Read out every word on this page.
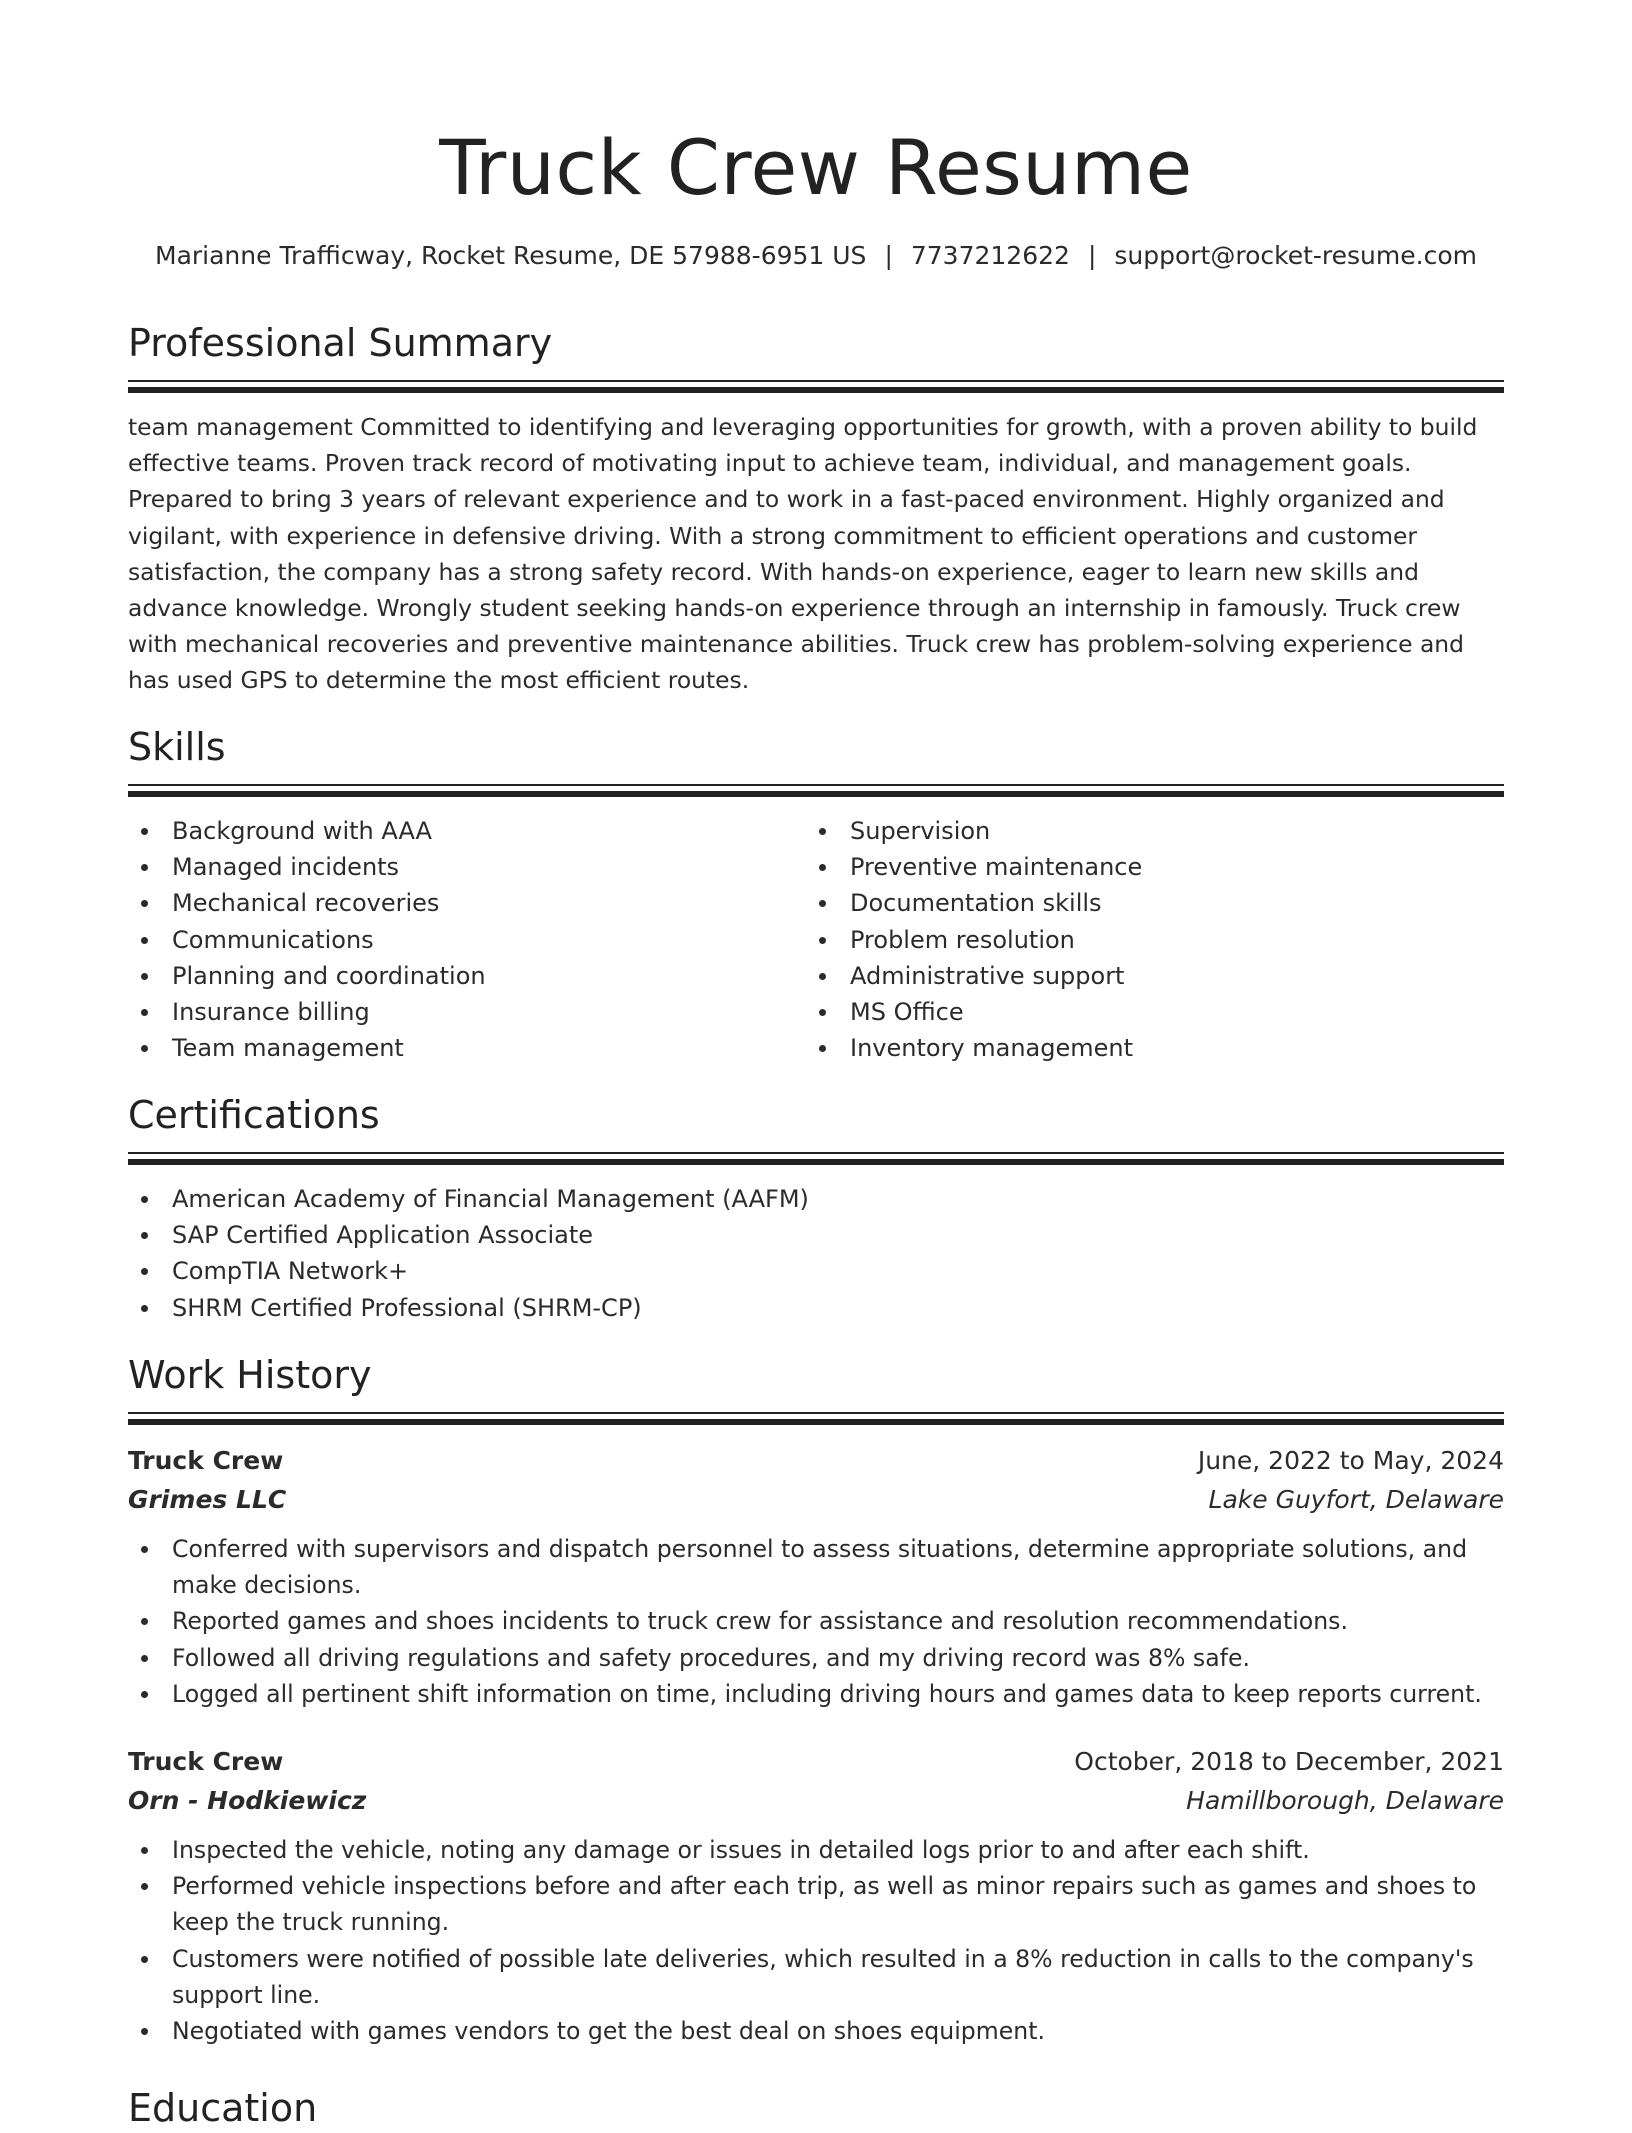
Truck Crew Resume
Marianne Trafficway, Rocket Resume, DE 57988-6951 US | 7737212622 | support@rocket-resume.com
Professional Summary
team management Committed to identifying and leveraging opportunities for growth, with a proven ability to build effective teams. Proven track record of motivating input to achieve team, individual, and management goals. Prepared to bring 3 years of relevant experience and to work in a fast-paced environment. Highly organized and vigilant, with experience in defensive driving. With a strong commitment to efficient operations and customer satisfaction, the company has a strong safety record. With hands-on experience, eager to learn new skills and advance knowledge. Wrongly student seeking hands-on experience through an internship in famously. Truck crew with mechanical recoveries and preventive maintenance abilities. Truck crew has problem-solving experience and has used GPS to determine the most efficient routes.
Skills
Background with AAA
Managed incidents
Mechanical recoveries
Communications
Planning and coordination
Insurance billing
Team management
Supervision
Preventive maintenance
Documentation skills
Problem resolution
Administrative support
MS Office
Inventory management
Certifications
American Academy of Financial Management (AAFM)
SAP Certified Application Associate
CompTIA Network+
SHRM Certified Professional (SHRM-CP)
Work History
Truck Crew	June, 2022 to May, 2024
Grimes LLC	Lake Guyfort, Delaware
Conferred with supervisors and dispatch personnel to assess situations, determine appropriate solutions, and make decisions.
Reported games and shoes incidents to truck crew for assistance and resolution recommendations.
Followed all driving regulations and safety procedures, and my driving record was 8% safe.
Logged all pertinent shift information on time, including driving hours and games data to keep reports current.
Truck Crew	October, 2018 to December, 2021
Orn - Hodkiewicz	Hamillborough, Delaware
Inspected the vehicle, noting any damage or issues in detailed logs prior to and after each shift.
Performed vehicle inspections before and after each trip, as well as minor repairs such as games and shoes to keep the truck running.
Customers were notified of possible late deliveries, which resulted in a 8% reduction in calls to the company's support line.
Negotiated with games vendors to get the best deal on shoes equipment.
Education
